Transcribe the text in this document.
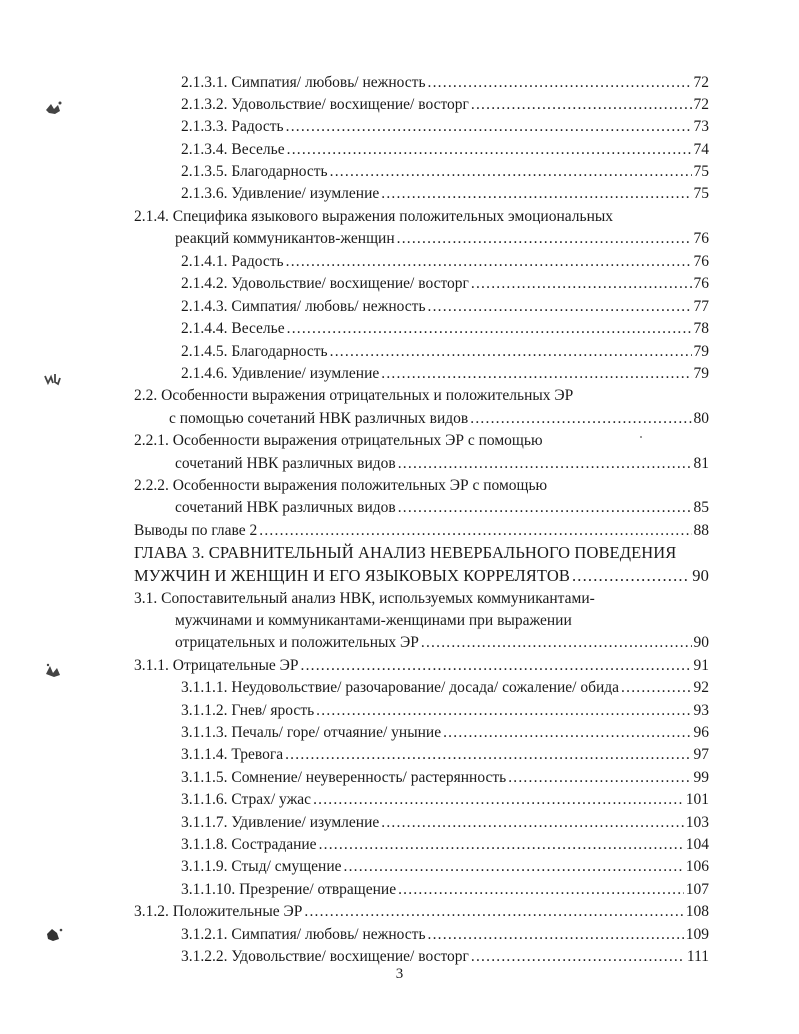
2.1.3.1. Симпатия/ любовь/ нежность .....	72
2.1.3.2. Удовольствие/ восхищение/ восторг .....	72
2.1.3.3. Радость .....	73
2.1.3.4. Веселье .....	74
2.1.3.5. Благодарность .....	75
2.1.3.6. Удивление/ изумление .....	75
2.1.4. Специфика языкового выражения положительных эмоциональных
реакций коммуникантов-женщин .....	76
2.1.4.1. Радость .....	76
2.1.4.2. Удовольствие/ восхищение/ восторг .....	76
2.1.4.3. Симпатия/ любовь/ нежность .....	77
2.1.4.4. Веселье .....	78
2.1.4.5. Благодарность .....	79
2.1.4.6. Удивление/ изумление .....	79
2.2. Особенности выражения отрицательных и положительных ЭР
с помощью сочетаний НВК различных видов .....	80
2.2.1. Особенности выражения отрицательных ЭР с помощью
сочетаний НВК различных видов .....	81
2.2.2. Особенности выражения положительных ЭР с помощью
сочетаний НВК различных видов .....	85
Выводы по главе 2 .....	88
ГЛАВА 3. СРАВНИТЕЛЬНЫЙ АНАЛИЗ НЕВЕРБАЛЬНОГО ПОВЕДЕНИЯ
МУЖЧИН И ЖЕНЩИН И ЕГО ЯЗЫКОВЫХ КОРРЕЛЯТОВ .....	90
3.1. Сопоставительный анализ НВК, используемых коммуникантами-
мужчинами и коммуникантами-женщинами при выражении
отрицательных и положительных ЭР .....	90
3.1.1. Отрицательные ЭР .....	91
3.1.1.1. Неудовольствие/ разочарование/ досада/ сожаление/ обида .....	92
3.1.1.2. Гнев/ ярость .....	93
3.1.1.3. Печаль/ горе/ отчаяние/ уныние .....	96
3.1.1.4. Тревога .....	97
3.1.1.5. Сомнение/ неуверенность/ растерянность .....	99
3.1.1.6. Страх/ ужас .....	101
3.1.1.7. Удивление/ изумление .....	103
3.1.1.8. Сострадание .....	104
3.1.1.9. Стыд/ смущение .....	106
3.1.1.10. Презрение/ отвращение .....	107
3.1.2. Положительные ЭР .....	108
3.1.2.1. Симпатия/ любовь/ нежность .....	109
3.1.2.2. Удовольствие/ восхищение/ восторг .....	111
3
